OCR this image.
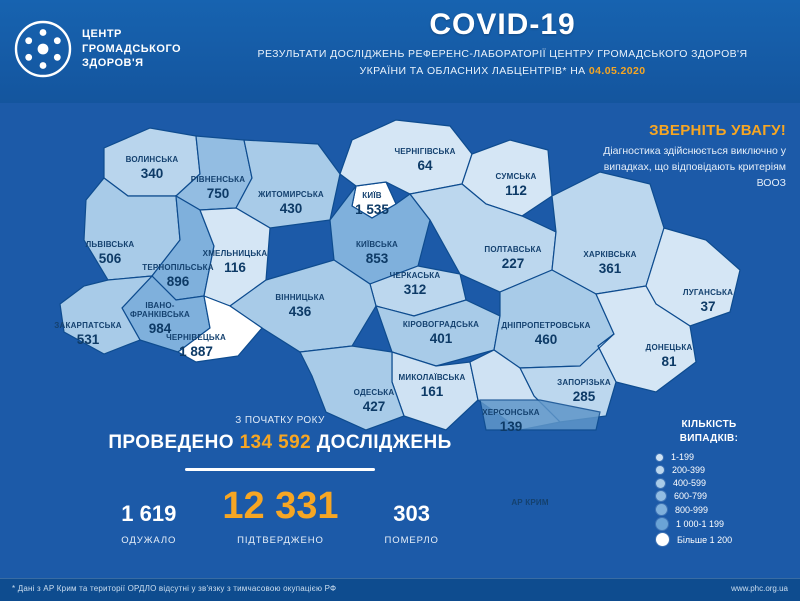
ЦЕНТР
ГРОМАДСЬКОГО
ЗДОРОВ'Я
COVID-19
РЕЗУЛЬТАТИ ДОСЛІДЖЕНЬ РЕФЕРЕНС-ЛАБОРАТОРІЇ ЦЕНТРУ ГРОМАДСЬКОГО ЗДОРОВ'Я
УКРАЇНИ ТА ОБЛАСНИХ ЛАБЦЕНТРІВ* НА 04.05.2020
ЗВЕРНІТЬ УВАГУ!
Діагностика здійснюється виключно у випадках, що відповідають критеріям ВООЗ
ВОЛИНСЬКА
340	РІВНЕНСЬКА
750	ЖИТОМИРСЬКА
430
КИЇВ
1 535
ЧЕРНІГІВСЬКА
64
СУМСЬКА
112
ЛЬВІВСЬКА
506	ХМЕЛЬНИЦЬКА
116
ТЕРНОПІЛЬСЬКА
896
КИЇВСЬКА
853
ЧЕРКАСЬКА
312
ПОЛТАВСЬКА
227
ХАРКІВСЬКА
361
ВІННИЦЬКА
436
ІВАНО-
ФРАНКІВСЬКА
984
ЗАКАРПАТСЬКА
531	ЧЕРНІВЕЦЬКА
1 887
КІРОВОГРАДСЬКА
401
ДНІПРОПЕТРОВСЬКА
460
ЛУГАНСЬКА
37
ДОНЕЦЬКА
81
ЗАПОРІЗЬКА
285
МИКОЛАЇВСЬКА
161
ОДЕСЬКА
427	ХЕРСОНСЬКА
139
АР КРИМ
З ПОЧАТКУ РОКУ
ПРОВЕДЕНО 134 592 ДОСЛІДЖЕНЬ
1 619
ОДУЖАЛО
12 331
ПІДТВЕРДЖЕНО
303
ПОМЕРЛО
КІЛЬКІСТЬ
ВИПАДКІВ:
1-199
200-399
400-599
600-799
800-999
1 000-1 199
Більше 1 200
* Дані з АР Крим та території ОРДЛО відсутні у зв'язку з тимчасовою окупацією РФ	www.phc.org.ua
